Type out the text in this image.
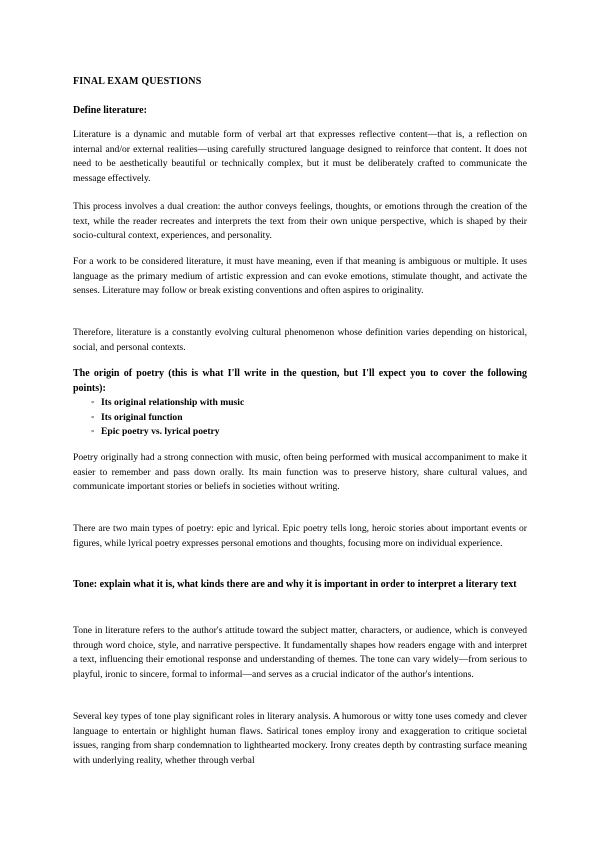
FINAL EXAM QUESTIONS
Define literature:

Literature is a dynamic and mutable form of verbal art that expresses reflective content—that is, a reflection on internal and/or external realities—using carefully structured language designed to reinforce that content. It does not need to be aesthetically beautiful or technically complex, but it must be deliberately crafted to communicate the message effectively.

This process involves a dual creation: the author conveys feelings, thoughts, or emotions through the creation of the text, while the reader recreates and interprets the text from their own unique perspective, which is shaped by their socio-cultural context, experiences, and personality.

For a work to be considered literature, it must have meaning, even if that meaning is ambiguous or multiple. It uses language as the primary medium of artistic expression and can evoke emotions, stimulate thought, and activate the senses. Literature may follow or break existing conventions and often aspires to originality.

Therefore, literature is a constantly evolving cultural phenomenon whose definition varies depending on historical, social, and personal contexts.

The origin of poetry (this is what I'll write in the question, but I'll expect you to cover the following points):
◦ Its original relationship with music
◦ Its original function
◦ Epic poetry vs. lyrical poetry

Poetry originally had a strong connection with music, often being performed with musical accompaniment to make it easier to remember and pass down orally. Its main function was to preserve history, share cultural values, and communicate important stories or beliefs in societies without writing.

There are two main types of poetry: epic and lyrical. Epic poetry tells long, heroic stories about important events or figures, while lyrical poetry expresses personal emotions and thoughts, focusing more on individual experience.

Tone: explain what it is, what kinds there are and why it is important in order to interpret a literary text

Tone in literature refers to the author's attitude toward the subject matter, characters, or audience, which is conveyed through word choice, style, and narrative perspective. It fundamentally shapes how readers engage with and interpret a text, influencing their emotional response and understanding of themes. The tone can vary widely—from serious to playful, ironic to sincere, formal to informal—and serves as a crucial indicator of the author's intentions.

Several key types of tone play significant roles in literary analysis. A humorous or witty tone uses comedy and clever language to entertain or highlight human flaws. Satirical tones employ irony and exaggeration to critique societal issues, ranging from sharp condemnation to lighthearted mockery. Irony creates depth by contrasting surface meaning with underlying reality, whether through verbal
